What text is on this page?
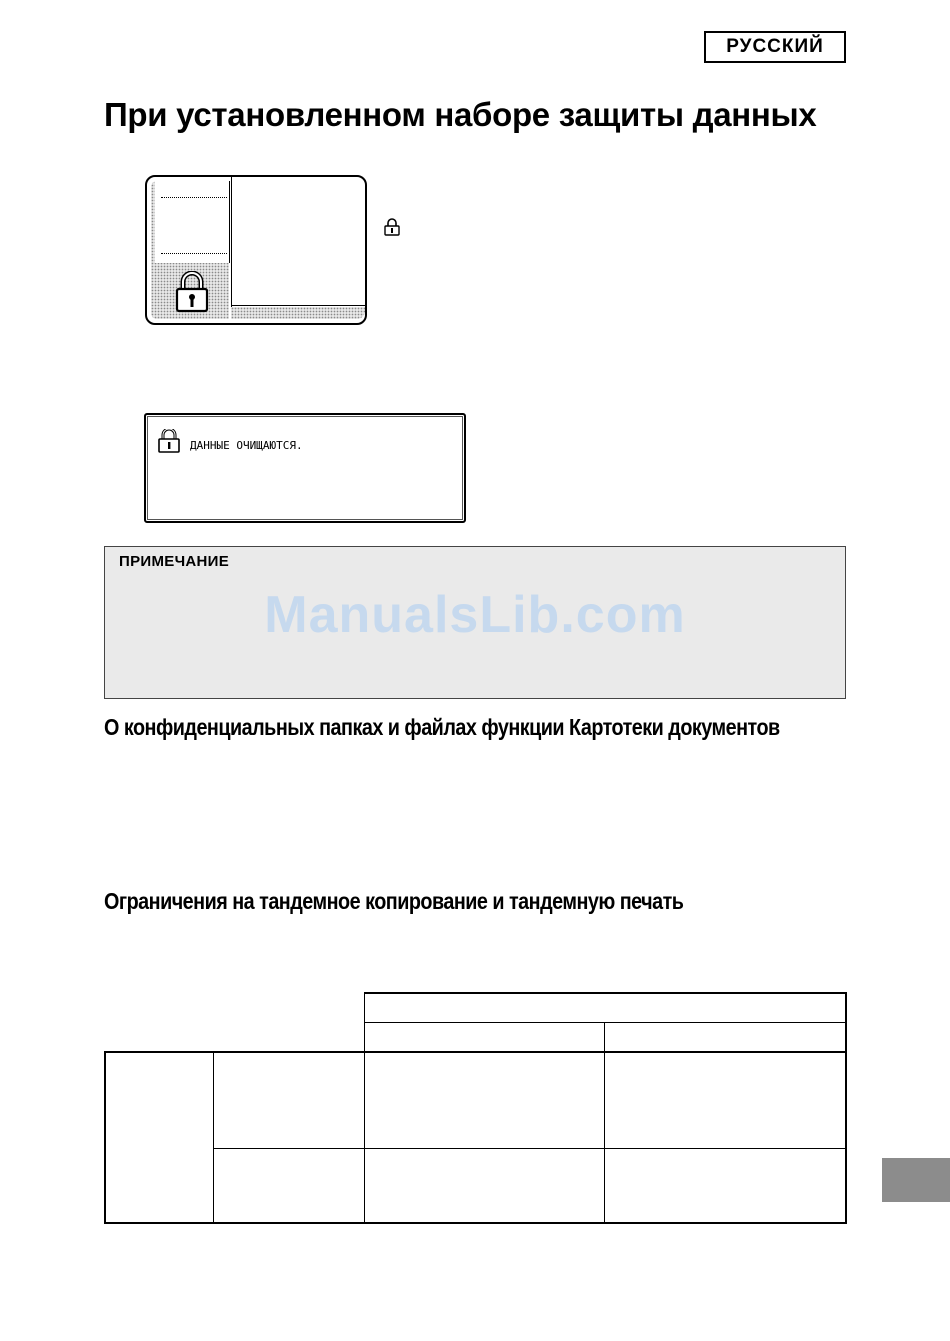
РУССКИЙ
При установленном наборе защиты данных
ДАННЫЕ ОЧИЩАЮТСЯ.
ПРИМЕЧАНИЕ
ManualsLib.com
О конфиденциальных папках и файлах функции Картотеки документов
Ограничения на тандемное копирование и тандемную печать
